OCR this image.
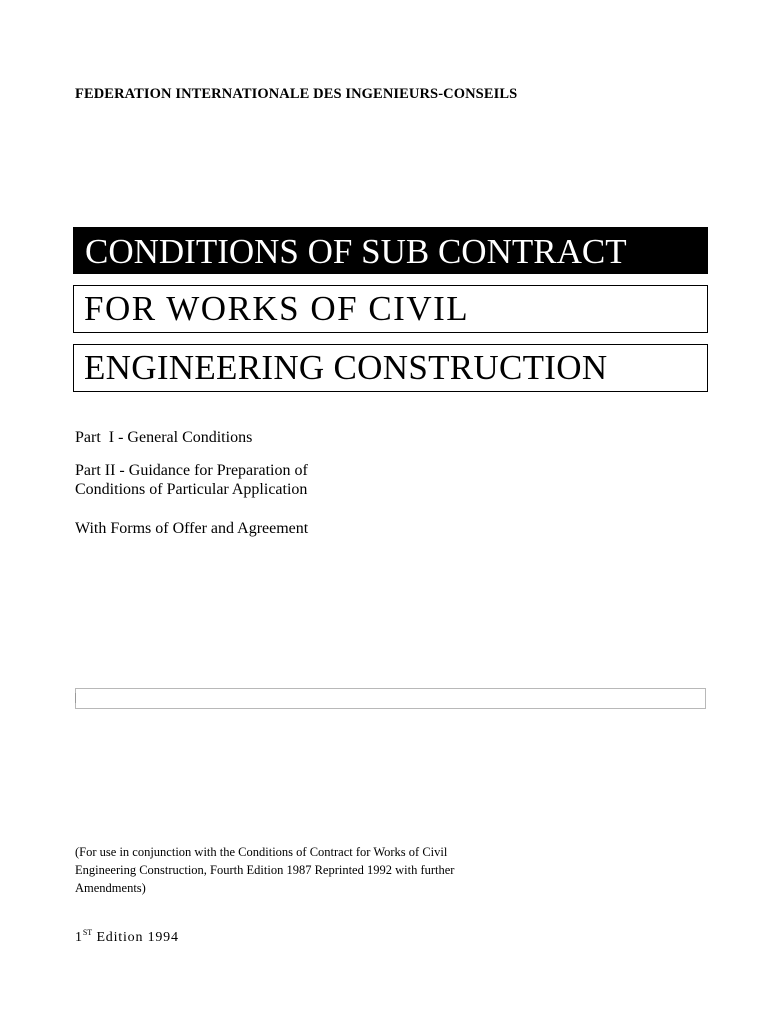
FEDERATION INTERNATIONALE DES INGENIEURS-CONSEILS
CONDITIONS OF SUB CONTRACT
FOR WORKS OF CIVIL
ENGINEERING CONSTRUCTION
Part  I - General Conditions
Part II - Guidance for Preparation of
Conditions of Particular Application
With Forms of Offer and Agreement
(For use in conjunction with the Conditions of Contract for Works of Civil
Engineering Construction, Fourth Edition 1987 Reprinted 1992 with further
Amendments)
1ST Edition 1994
